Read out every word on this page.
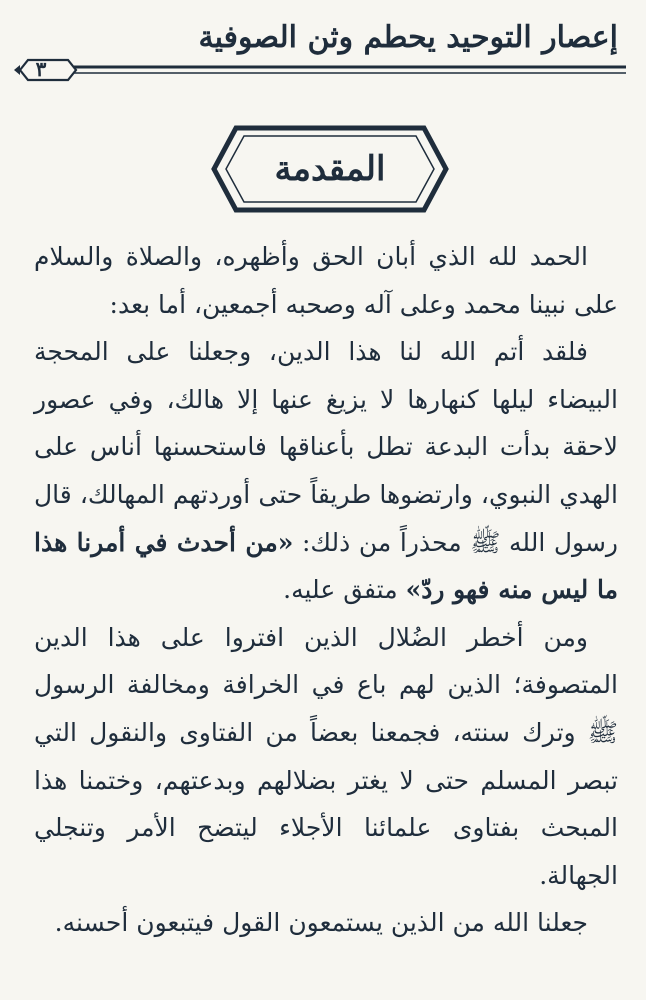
إعصار التوحيد يحطم وثن الصوفية
٣
المقدمة

الحمد لله الذي أبان الحق وأظهره، والصلاة والسلام على نبينا محمد وعلى آله وصحبه أجمعين، أما بعد:

فلقد أتم الله لنا هذا الدين، وجعلنا على المحجة البيضاء ليلها كنهارها لا يزيغ عنها إلا هالك، وفي عصور لاحقة بدأت البدعة تطل بأعناقها فاستحسنها أناس على الهدي النبوي، وارتضوها طريقاً حتى أوردتهم المهالك، قال رسول الله ﷺ محذراً من ذلك: «من أحدث في أمرنا هذا ما ليس منه فهو ردّ» متفق عليه.

ومن أخطر الضُلال الذين افتروا على هذا الدين المتصوفة؛ الذين لهم باع في الخرافة ومخالفة الرسول ﷺ وترك سنته، فجمعنا بعضاً من الفتاوى والنقول التي تبصر المسلم حتى لا يغتر بضلالهم وبدعتهم، وختمنا هذا المبحث بفتاوى علمائنا الأجلاء ليتضح الأمر وتنجلي الجهالة.

جعلنا الله من الذين يستمعون القول فيتبعون أحسنه.
